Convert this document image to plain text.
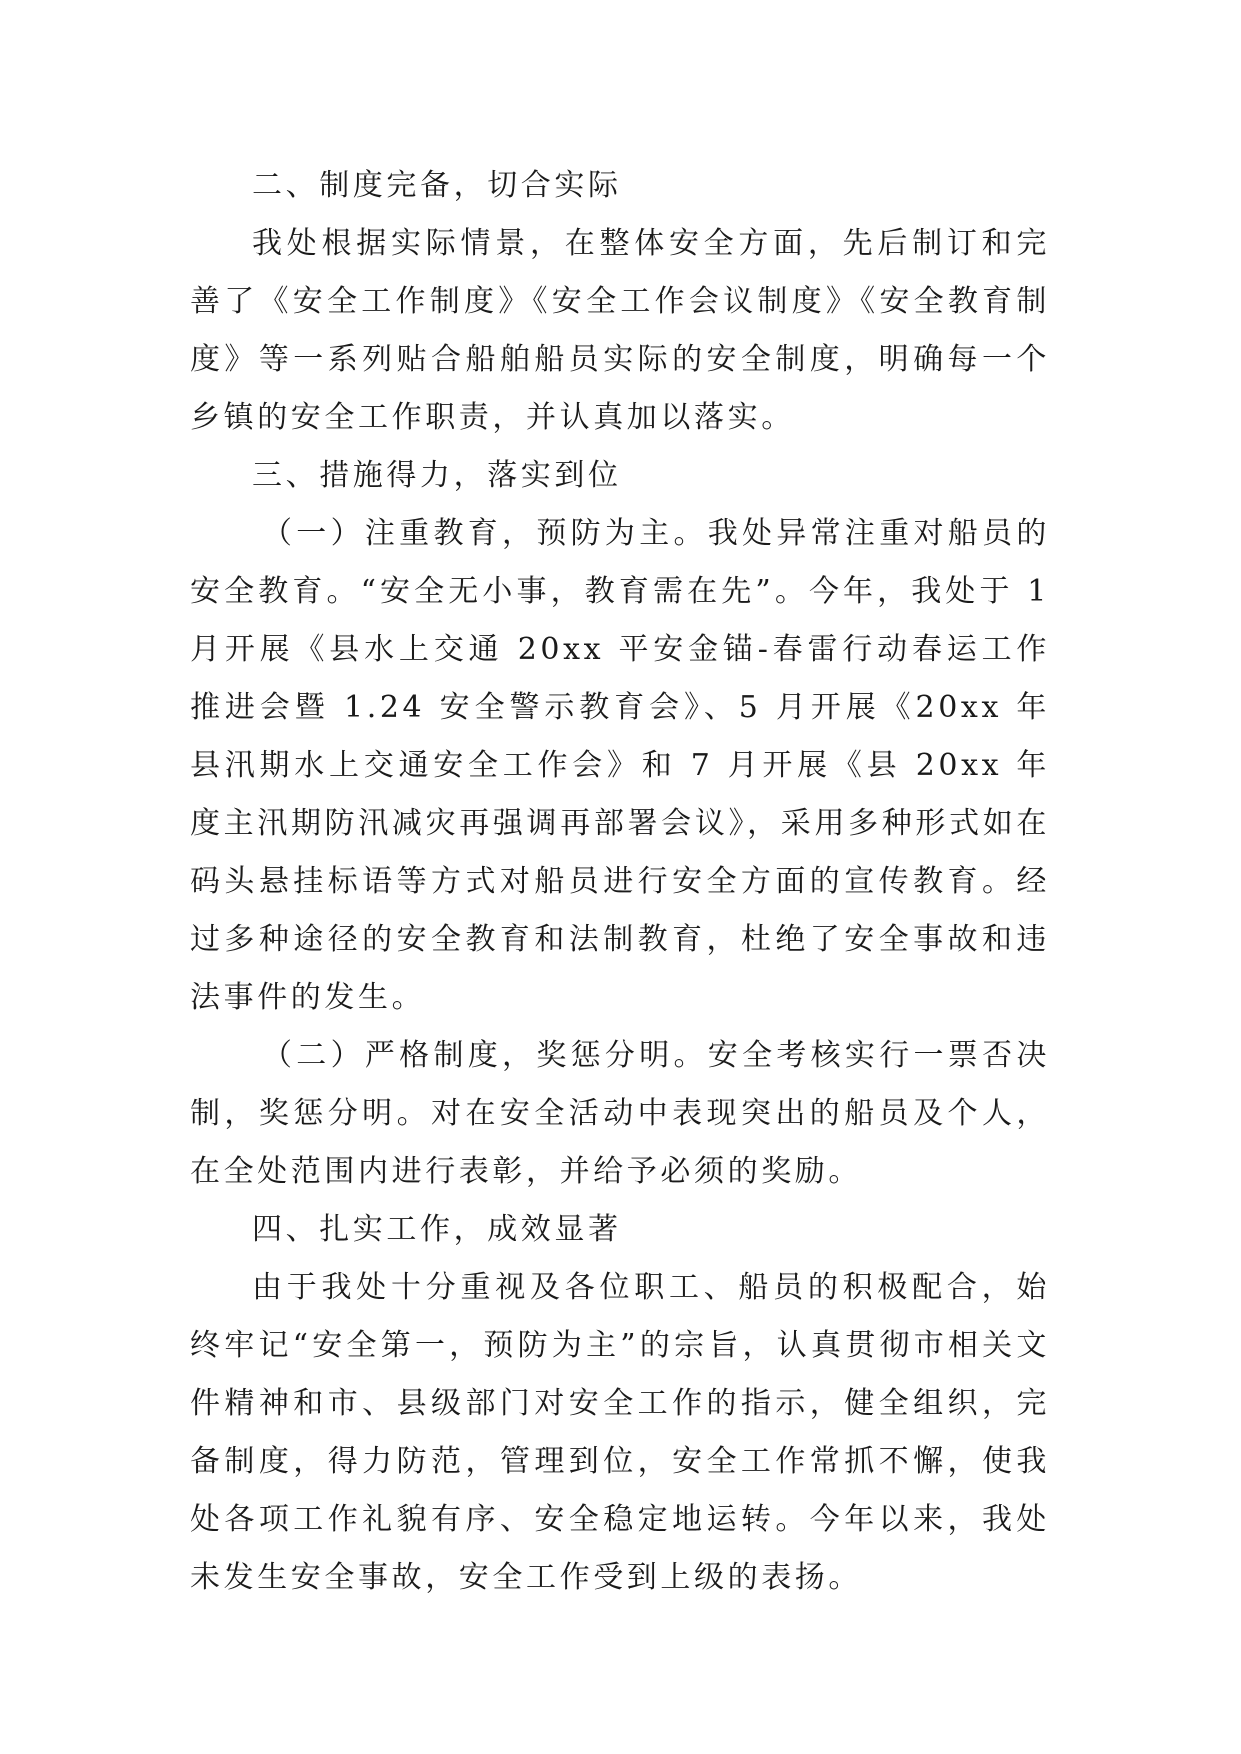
二、制度完备，切合实际

我处根据实际情景，在整体安全方面，先后制订和完善了《安全工作制度》《安全工作会议制度》《安全教育制度》等一系列贴合船舶船员实际的安全制度，明确每一个乡镇的安全工作职责，并认真加以落实。

三、措施得力，落实到位

（一）注重教育，预防为主。我处异常注重对船员的安全教育。“安全无小事，教育需在先”。今年，我处于 1 月开展《县水上交通 20xx 平安金锚-春雷行动春运工作推进会暨 1.24 安全警示教育会》、5 月开展《20xx 年县汛期水上交通安全工作会》和 7 月开展《县 20xx 年度主汛期防汛减灾再强调再部署会议》，采用多种形式如在码头悬挂标语等方式对船员进行安全方面的宣传教育。经过多种途径的安全教育和法制教育，杜绝了安全事故和违法事件的发生。

（二）严格制度，奖惩分明。安全考核实行一票否决制，奖惩分明。对在安全活动中表现突出的船员及个人，在全处范围内进行表彰，并给予必须的奖励。

四、扎实工作，成效显著

由于我处十分重视及各位职工、船员的积极配合，始终牢记“安全第一，预防为主”的宗旨，认真贯彻市相关文件精神和市、县级部门对安全工作的指示，健全组织，完备制度，得力防范，管理到位，安全工作常抓不懈，使我处各项工作礼貌有序、安全稳定地运转。今年以来，我处未发生安全事故，安全工作受到上级的表扬。
